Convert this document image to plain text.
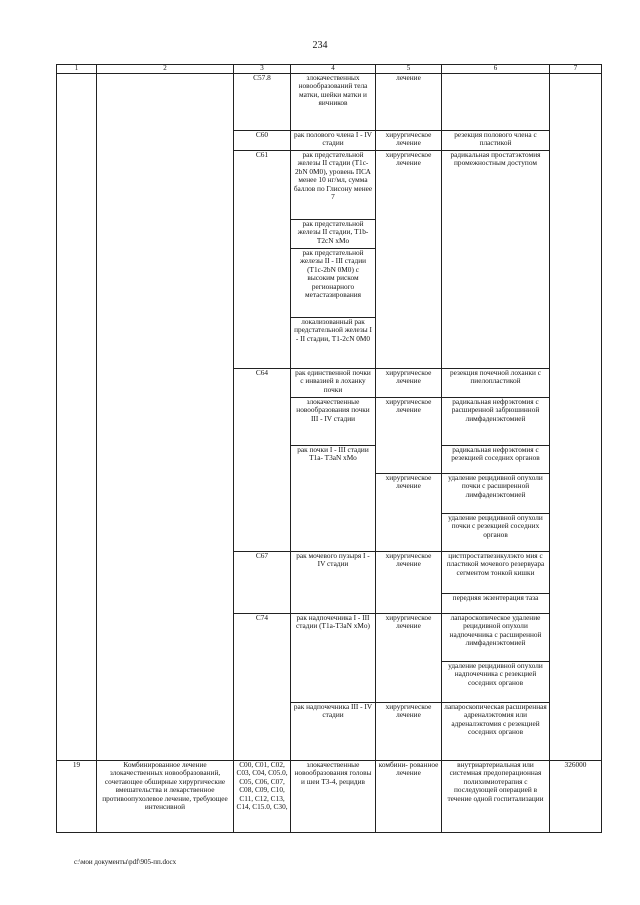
234
1	2	3	4	5	6	7
		C57.8	злокачественных новообразований тела матки, шейки матки и яичников	лечение		
		C60	рак полового члена I - IV стадии	хирургическое лечение	резекция полового члена с пластикой	
		C61	рак предстательной железы II стадии (T1c-2bN 0M0), уровень ПСА менее 10 нг/мл, сумма баллов по Глисону менее 7	хирургическое лечение	радикальная простатэктомия промежностным доступом	
			рак предстательной железы II стадии, T1b-T2cN xMo			
			рак предстательной железы II - III стадии (T1c-2bN 0M0) с высоким риском регионарного метастазирования			
			локализованный рак предстательной железы I - II стадии, T1-2cN 0M0			
		C64	рак единственной почки с инвазией в лоханку почки	хирургическое лечение	резекция почечной лоханки с пиелопластикой	
			злокачественные новообразования почки III - IV стадии	хирургическое лечение	радикальная нефрэктомия с расширенной забрюшинной лимфаденэктомией	
			рак почки I - III стадии T1a- T3aN xMo		радикальная нефрэктомия с резекцией соседних органов	
				хирургическое лечение	удаление рецидивной опухоли почки с расширенной лимфаденэктомией	
					удаление рецидивной опухоли почки с резекцией соседних органов	
		C67	рак мочевого пузыря I - IV стадии	хирургическое лечение	цистпростатвезикулэкто мия с пластикой мочевого резервуара сегментом тонкой кишки	
					передняя экзентерация таза	
		C74	рак надпочечника I - III стадии (T1a-T3aN xMo)	хирургическое лечение	лапароскопическое удаление рецидивной опухоли надпочечника с расширенной лимфаденэктомией	
					удаление рецидивной опухоли надпочечника с резекцией соседних органов	
			рак надпочечника III - IV стадии	хирургическое лечение	лапароскопическая расширенная адреналэктомия или адреналэктомия с резекцией соседних органов	
19	Комбинированное лечение злокачественных новообразований, сочетающее обширные хирургические вмешательства и лекарственное противоопухолевое лечение, требующее интенсивной	C00, C01, C02, C03, C04, C05.0, C05, C06, C07, C08, C09, C10, C11, C12, C13, C14, C15.0, C30,	злокачественные новообразования головы и шеи T3-4, рецидив	комбини- рованное лечение	внутриартериальная или системная предоперационная полихимиотерапия с последующей операцией в течение одной госпитализации	326000
c:\мои документы\pdf\905-пп.docx
